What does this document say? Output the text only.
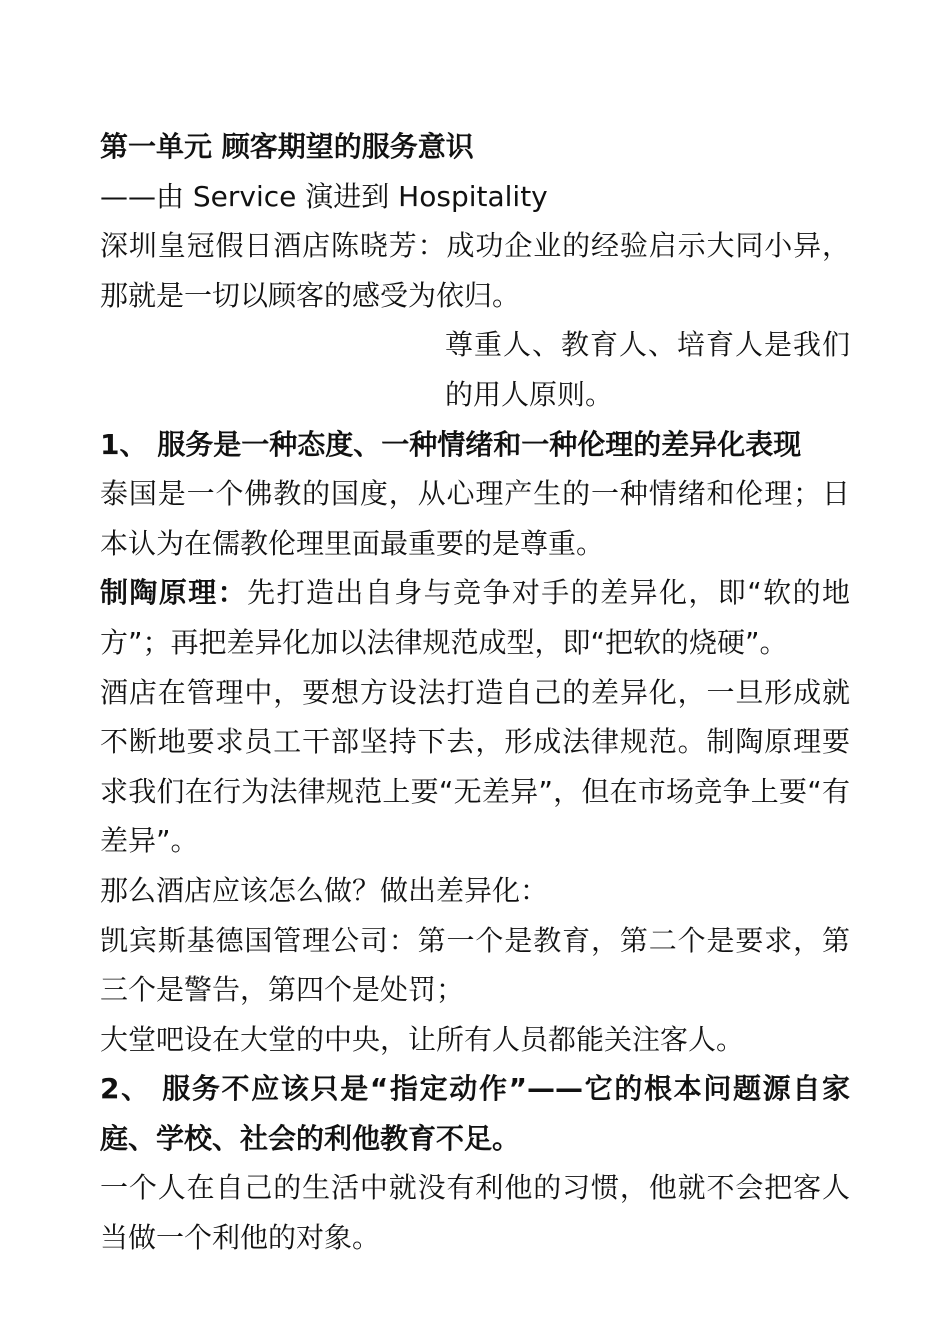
第一单元 顾客期望的服务意识

——由 Service 演进到 Hospitality

深圳皇冠假日酒店陈晓芳：成功企业的经验启示大同小异，那就是一切以顾客的感受为依归。

尊重人、教育人、培育人是我们的用人原则。

1、 服务是一种态度、一种情绪和一种伦理的差异化表现

泰国是一个佛教的国度，从心理产生的一种情绪和伦理；日本认为在儒教伦理里面最重要的是尊重。

制陶原理：先打造出自身与竞争对手的差异化，即“软的地方”；再把差异化加以法律规范成型，即“把软的烧硬”。

酒店在管理中，要想方设法打造自己的差异化，一旦形成就不断地要求员工干部坚持下去，形成法律规范。制陶原理要求我们在行为法律规范上要“无差异”，但在市场竞争上要“有差异”。

那么酒店应该怎么做？做出差异化：

凯宾斯基德国管理公司：第一个是教育，第二个是要求，第三个是警告，第四个是处罚；

大堂吧设在大堂的中央，让所有人员都能关注客人。

2、 服务不应该只是“指定动作”——它的根本问题源自家庭、学校、社会的利他教育不足。

一个人在自己的生活中就没有利他的习惯，他就不会把客人当做一个利他的对象。
